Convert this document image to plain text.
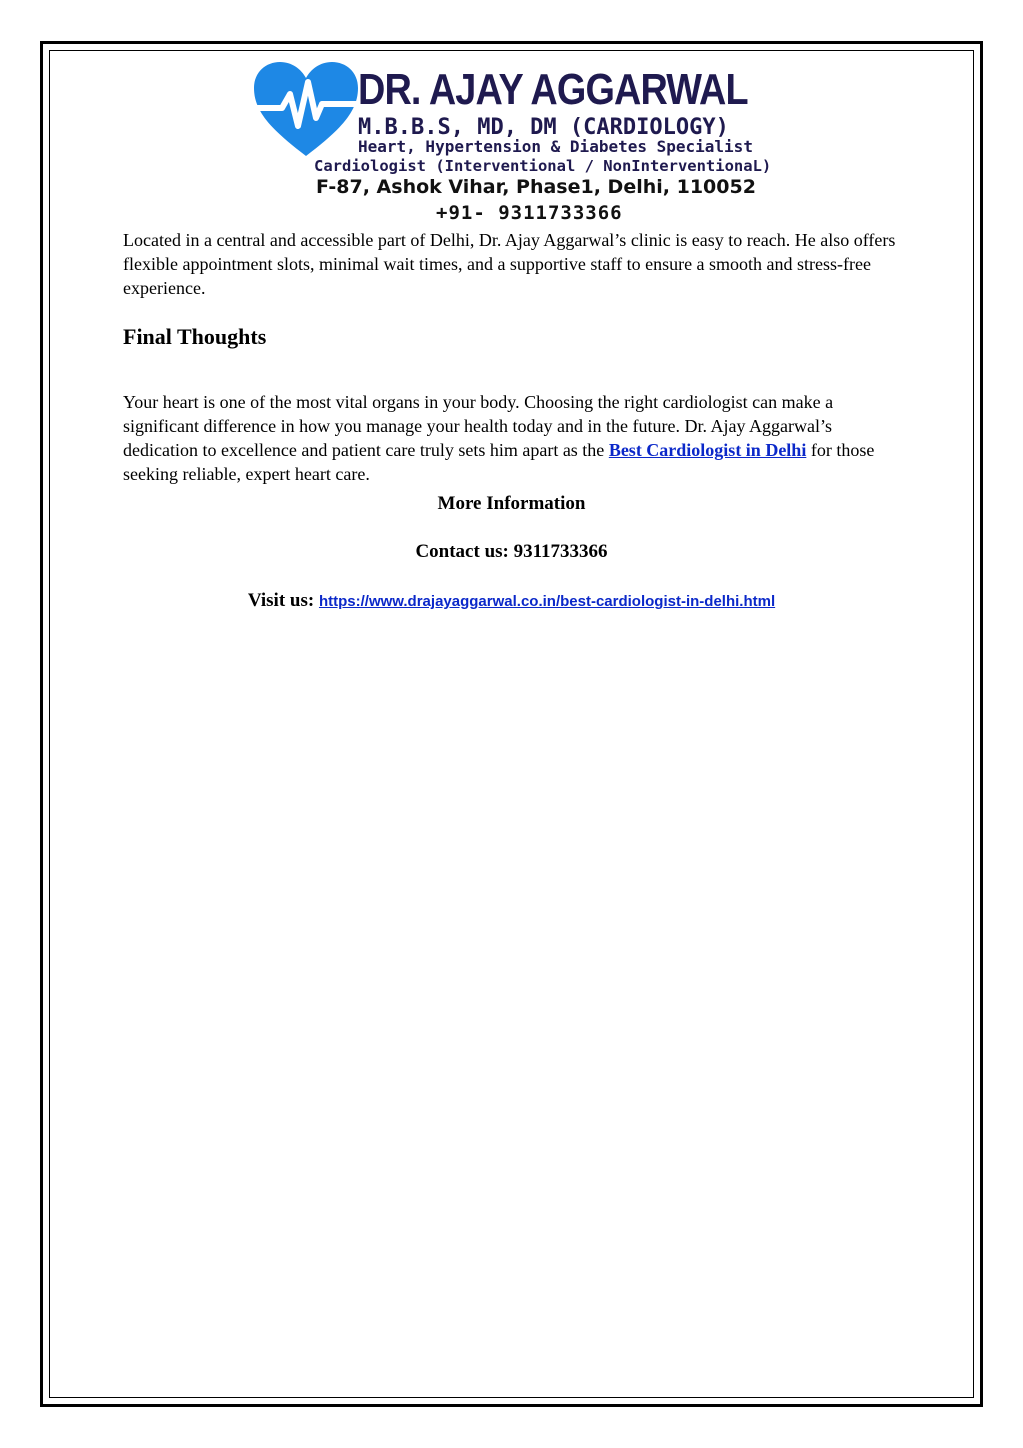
DR. AJAY AGGARWAL
M.B.B.S, MD, DM (CARDIOLOGY)
Heart, Hypertension & Diabetes Specialist
Cardiologist (Interventional / NonInterventionaL)
F-87, Ashok Vihar, Phase1, Delhi, 110052
+91- 9311733366

Located in a central and accessible part of Delhi, Dr. Ajay Aggarwal’s clinic is easy to reach. He also offers flexible appointment slots, minimal wait times, and a supportive staff to ensure a smooth and stress-free experience.

Final Thoughts

Your heart is one of the most vital organs in your body. Choosing the right cardiologist can make a significant difference in how you manage your health today and in the future. Dr. Ajay Aggarwal’s dedication to excellence and patient care truly sets him apart as the Best Cardiologist in Delhi for those seeking reliable, expert heart care.

More Information
Contact us: 9311733366
Visit us: https://www.drajayaggarwal.co.in/best-cardiologist-in-delhi.html
